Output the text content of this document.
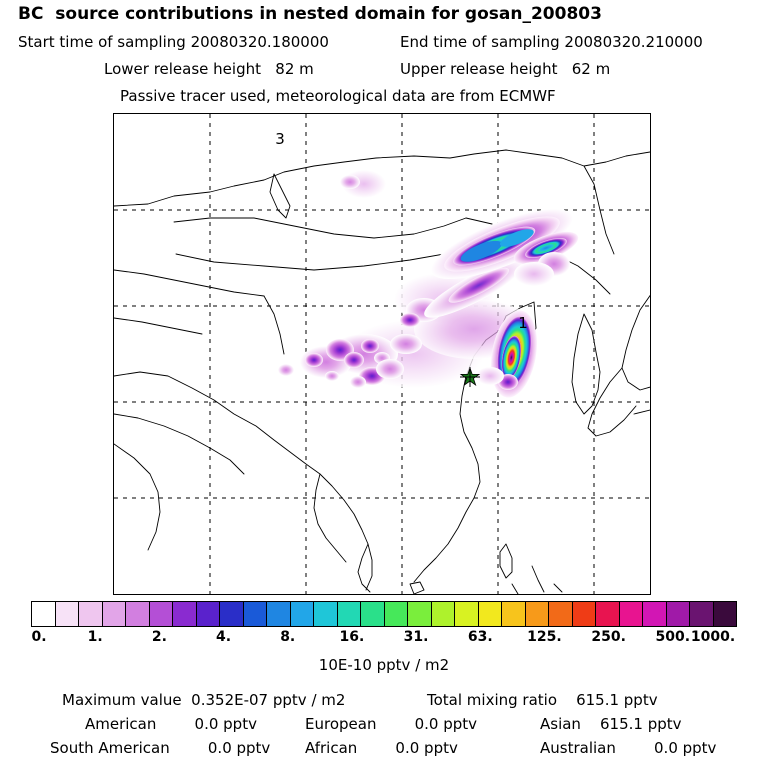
BC  source contributions in nested domain for gosan_200803
Start time of sampling 20080320.180000	End time of sampling 20080320.210000
Lower release height   82 m	Upper release height   62 m
Passive tracer used, meteorological data are from ECMWF
3
1
0.	1.	2.	4.	8.	16.	31.	63. 125. 250. 500. 1000.
10E-10 pptv / m2
Maximum value  0.352E-07 pptv / m2	Total mixing ratio    615.1 pptv
American        0.0 pptv	European        0.0 pptv	Asian    615.1 pptv
South American        0.0 pptv African        0.0 pptv	Australian        0.0 pptv
